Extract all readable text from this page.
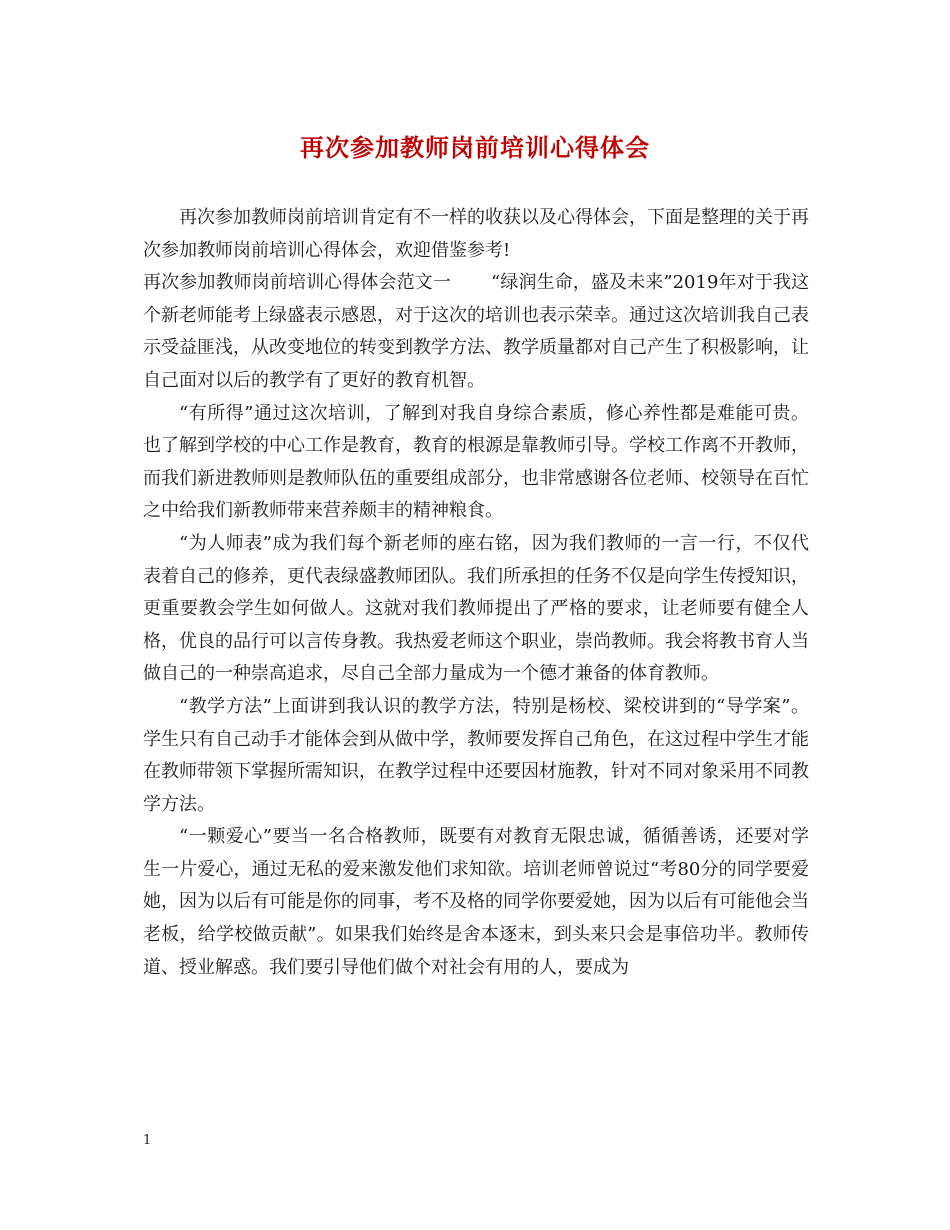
再次参加教师岗前培训心得体会

再次参加教师岗前培训肯定有不一样的收获以及心得体会，下面是整理的关于再次参加教师岗前培训心得体会，欢迎借鉴参考!

再次参加教师岗前培训心得体会范文一 “绿润生命，盛及未来”2019年对于我这个新老师能考上绿盛表示感恩，对于这次的培训也表示荣幸。通过这次培训我自己表示受益匪浅，从改变地位的转变到教学方法、教学质量都对自己产生了积极影响，让自己面对以后的教学有了更好的教育机智。

“有所得”通过这次培训，了解到对我自身综合素质，修心养性都是难能可贵。也了解到学校的中心工作是教育，教育的根源是靠教师引导。学校工作离不开教师，而我们新进教师则是教师队伍的重要组成部分，也非常感谢各位老师、校领导在百忙之中给我们新教师带来营养颇丰的精神粮食。

“为人师表”成为我们每个新老师的座右铭，因为我们教师的一言一行，不仅代表着自己的修养，更代表绿盛教师团队。我们所承担的任务不仅是向学生传授知识，更重要教会学生如何做人。这就对我们教师提出了严格的要求，让老师要有健全人格，优良的品行可以言传身教。我热爱老师这个职业，崇尚教师。我会将教书育人当做自己的一种崇高追求，尽自己全部力量成为一个德才兼备的体育教师。

“教学方法”上面讲到我认识的教学方法，特别是杨校、梁校讲到的“导学案”。学生只有自己动手才能体会到从做中学，教师要发挥自己角色，在这过程中学生才能在教师带领下掌握所需知识，在教学过程中还要因材施教，针对不同对象采用不同教学方法。

“一颗爱心”要当一名合格教师，既要有对教育无限忠诚，循循善诱，还要对学生一片爱心，通过无私的爱来激发他们求知欲。培训老师曾说过“考80分的同学要爱她，因为以后有可能是你的同事，考不及格的同学你要爱她，因为以后有可能他会当老板，给学校做贡献”。如果我们始终是舍本逐末，到头来只会是事倍功半。教师传道、授业解惑。我们要引导他们做个对社会有用的人，要成为

1
